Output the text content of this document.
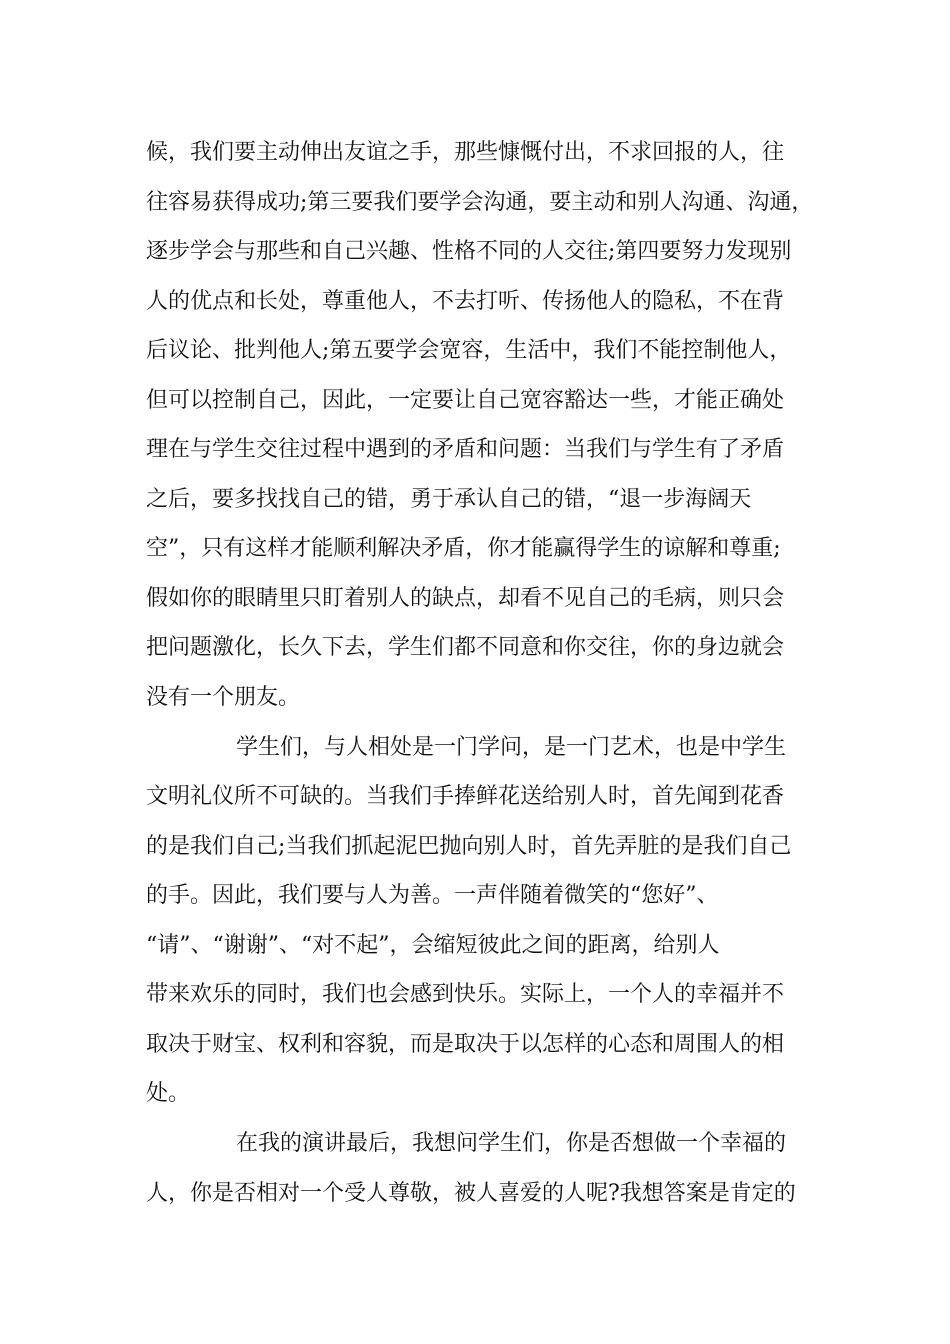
候，我们要主动伸出友谊之手，那些慷慨付出，不求回报的人，往
往容易获得成功;第三要我们要学会沟通，要主动和别人沟通、沟通，
逐步学会与那些和自己兴趣、性格不同的人交往;第四要努力发现别
人的优点和长处，尊重他人，不去打听、传扬他人的隐私，不在背
后议论、批判他人;第五要学会宽容，生活中，我们不能控制他人，
但可以控制自己，因此，一定要让自己宽容豁达一些，才能正确处
理在与学生交往过程中遇到的矛盾和问题：当我们与学生有了矛盾
之后，要多找找自己的错，勇于承认自己的错，“退一步海阔天
空”，只有这样才能顺利解决矛盾，你才能赢得学生的谅解和尊重;
假如你的眼睛里只盯着别人的缺点，却看不见自己的毛病，则只会
把问题激化，长久下去，学生们都不同意和你交往，你的身边就会
没有一个朋友。
学生们，与人相处是一门学问，是一门艺术，也是中学生
文明礼仪所不可缺的。当我们手捧鲜花送给别人时，首先闻到花香
的是我们自己;当我们抓起泥巴抛向别人时，首先弄脏的是我们自己
的手。因此，我们要与人为善。一声伴随着微笑的“您好”、
“请”、“谢谢”、“对不起”，会缩短彼此之间的距离，给别人
带来欢乐的同时，我们也会感到快乐。实际上，一个人的幸福并不
取决于财宝、权利和容貌，而是取决于以怎样的心态和周围人的相
处。
在我的演讲最后，我想问学生们，你是否想做一个幸福的
人，你是否相对一个受人尊敬，被人喜爱的人呢?我想答案是肯定的
